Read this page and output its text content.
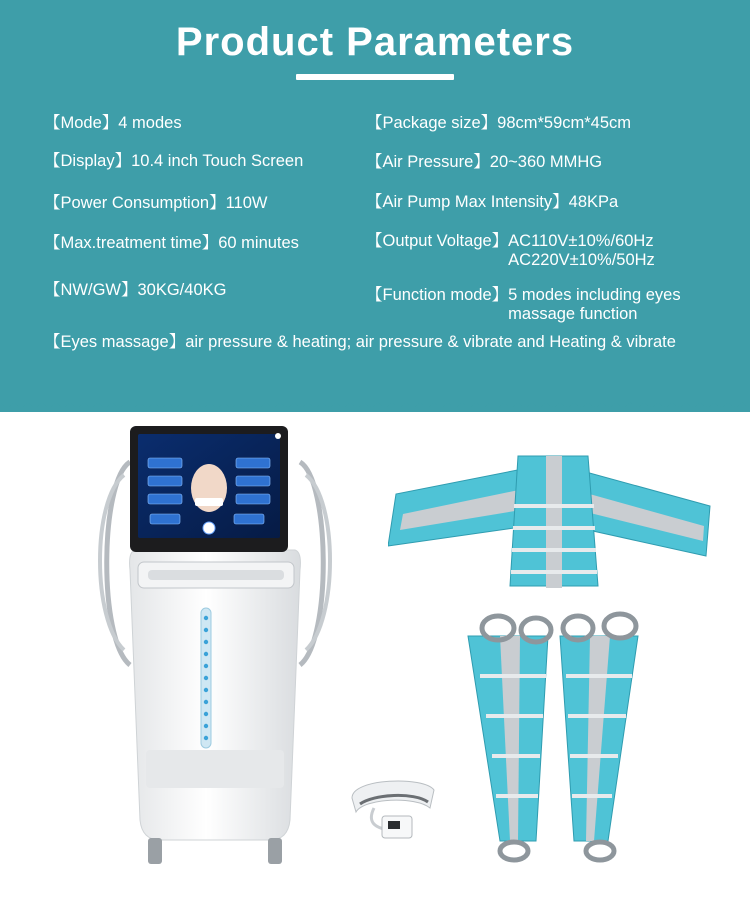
Product Parameters
【Mode】4 modes
【Display】10.4 inch Touch Screen
【Power Consumption】110W
【Max.treatment time】60 minutes
【NW/GW】30KG/40KG
【Package size】98cm*59cm*45cm
【Air Pressure】20~360 MMHG
【Air Pump Max Intensity】48KPa
【Output Voltage】AC110V±10%/60Hz
AC220V±10%/50Hz
【Function mode】5 modes including eyes
massage function
【Eyes massage】air pressure & heating; air pressure & vibrate and Heating & vibrate
